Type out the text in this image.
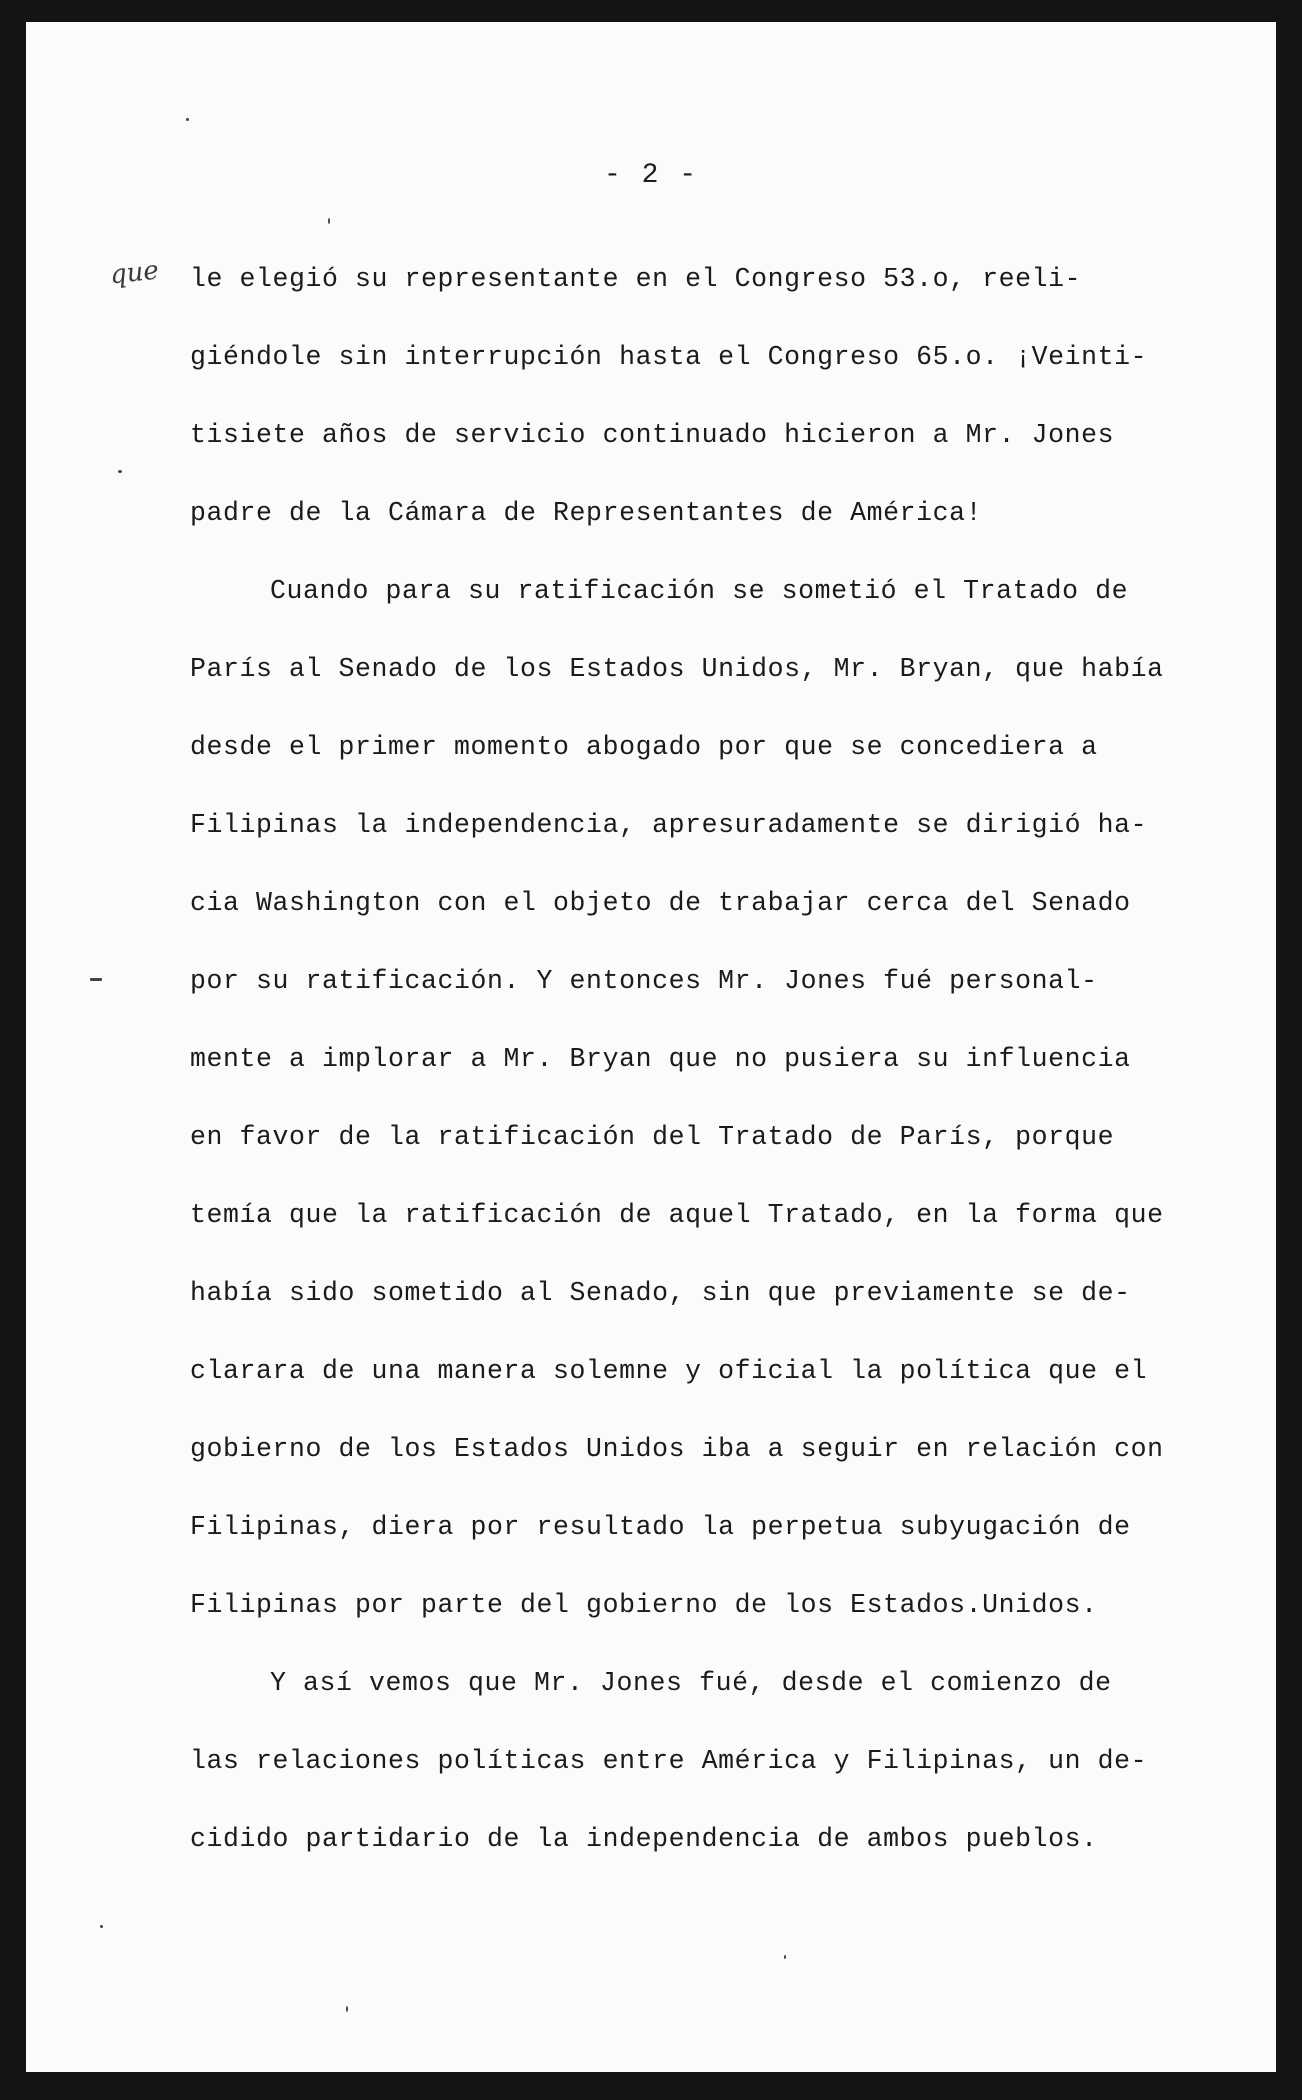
- 2 -
que le elegió su representante en el Congreso 53.o, reeli-
giéndole sin interrupción hasta el Congreso 65.o. ¡Veinti-
tisiete años de servicio continuado hicieron a Mr. Jones
padre de la Cámara de Representantes de América!
Cuando para su ratificación se sometió el Tratado de
París al Senado de los Estados Unidos, Mr. Bryan, que había
desde el primer momento abogado por que se concediera a
Filipinas la independencia, apresuradamente se dirigió ha-
cia Washington con el objeto de trabajar cerca del Senado
por su ratificación. Y entonces Mr. Jones fué personal-
mente a implorar a Mr. Bryan que no pusiera su influencia
en favor de la ratificación del Tratado de París, porque
temía que la ratificación de aquel Tratado, en la forma que
había sido sometido al Senado, sin que previamente se de-
clarara de una manera solemne y oficial la política que el
gobierno de los Estados Unidos iba a seguir en relación con
Filipinas, diera por resultado la perpetua subyugación de
Filipinas por parte del gobierno de los Estados.Unidos.
Y así vemos que Mr. Jones fué, desde el comienzo de
las relaciones políticas entre América y Filipinas, un de-
cidido partidario de la independencia de ambos pueblos.
